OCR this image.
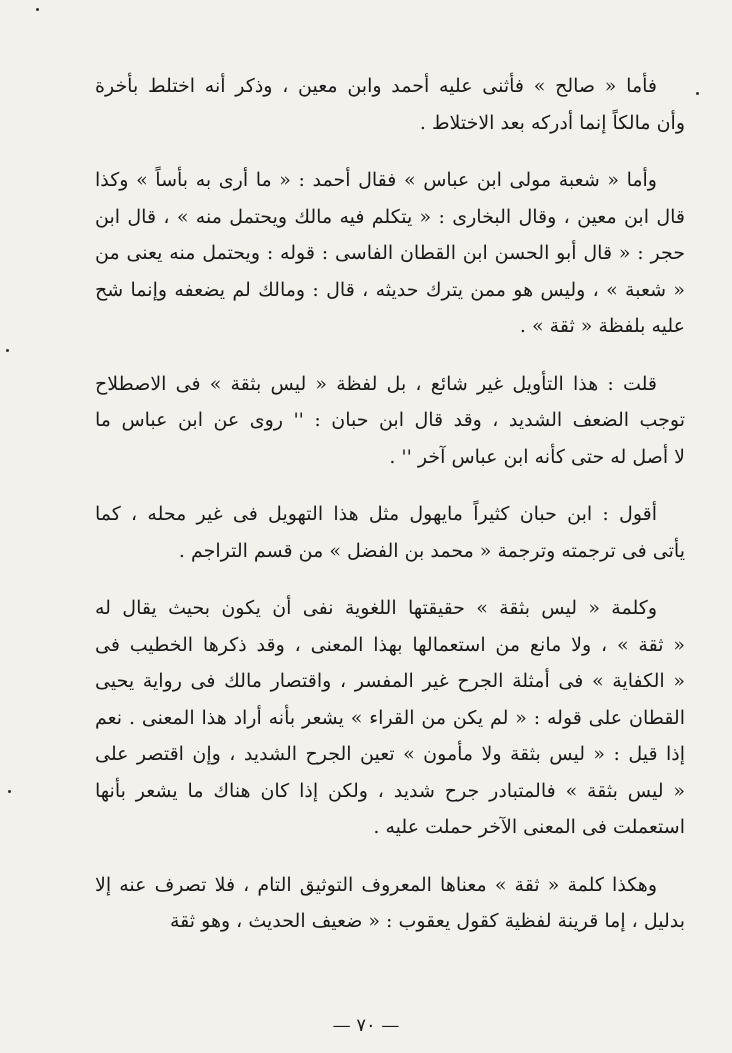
فأما « صالح » فأثنى عليه أحمد وابن معين ، وذكر أنه اختلط بأخرة
وأن مالكاً إنما أدركه بعد الاختلاط .

وأما « شعبة مولى ابن عباس » فقال أحمد : « ما أرى به بأساً » وكذا
قال ابن معين ، وقال البخارى : « يتكلم فيه مالك ويحتمل منه » ، قال ابن
حجر : « قال أبو الحسن ابن القطان الفاسى : قوله : ويحتمل منه يعنى من
« شعبة » ، وليس هو ممن يترك حديثه ، قال : ومالك لم يضعفه وإنما شح
عليه بلفظة « ثقة » .

قلت : هذا التأويل غير شائع ، بل لفظة « ليس بثقة » فى الاصطلاح
توجب الضعف الشديد ، وقد قال ابن حبان : '' روى عن ابن عباس ما
لا أصل له حتى كأنه ابن عباس آخر '' .

أقول : ابن حبان كثيراً مايهول مثل هذا التهويل فى غير محله ، كما
يأتى فى ترجمته وترجمة « محمد بن الفضل » من قسم التراجم .

وكلمة « ليس بثقة » حقيقتها اللغوية نفى أن يكون بحيث يقال له
« ثقة » ، ولا مانع من استعمالها بهذا المعنى ، وقد ذكرها الخطيب فى
« الكفاية » فى أمثلة الجرح غير المفسر ، واقتصار مالك فى رواية يحيى
القطان على قوله : « لم يكن من القراء » يشعر بأنه أراد هذا المعنى . نعم
إذا قيل : « ليس بثقة ولا مأمون » تعين الجرح الشديد ، وإن اقتصر على
« ليس بثقة » فالمتبادر جرح شديد ، ولكن إذا كان هناك ما يشعر بأنها
استعملت فى المعنى الآخر حملت عليه .

وهكذا كلمة « ثقة » معناها المعروف التوثيق التام ، فلا تصرف عنه إلا
بدليل ، إما قرينة لفظية كقول يعقوب : « ضعيف الحديث ، وهو ثقة

— ٧٠ —
